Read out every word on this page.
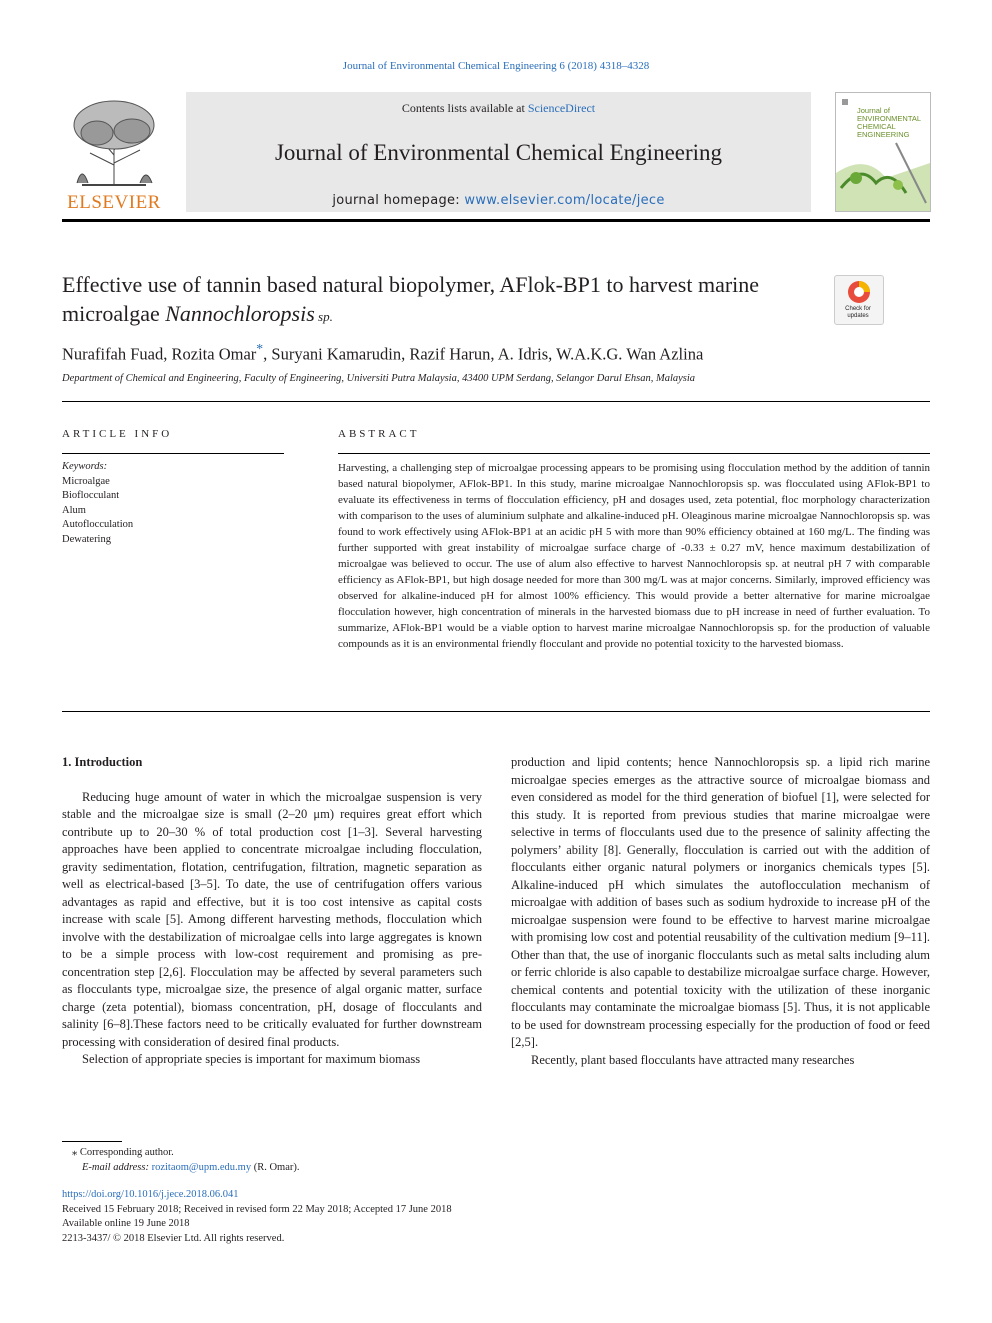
Journal of Environmental Chemical Engineering 6 (2018) 4318–4328
ELSEVIER
Contents lists available at ScienceDirect
Journal of Environmental Chemical Engineering
journal homepage: www.elsevier.com/locate/jece
Journal of ENVIRONMENTAL CHEMICAL ENGINEERING
Effective use of tannin based natural biopolymer, AFlok-BP1 to harvest marine microalgae Nannochloropsis sp.	Check for updates
Nurafifah Fuad, Rozita Omar*, Suryani Kamarudin, Razif Harun, A. Idris, W.A.K.G. Wan Azlina
Department of Chemical and Engineering, Faculty of Engineering, Universiti Putra Malaysia, 43400 UPM Serdang, Selangor Darul Ehsan, Malaysia
ARTICLE INFO	ABSTRACT
Keywords:
Microalgae
Bioflocculant
Alum
Autoflocculation
Dewatering
Harvesting, a challenging step of microalgae processing appears to be promising using flocculation method by the addition of tannin based natural biopolymer, AFlok-BP1. In this study, marine microalgae Nannochloropsis sp. was flocculated using AFlok-BP1 to evaluate its effectiveness in terms of flocculation efficiency, pH and dosages used, zeta potential, floc morphology characterization with comparison to the uses of aluminium sulphate and alkaline-induced pH. Oleaginous marine microalgae Nannochloropsis sp. was found to work effectively using AFlok-BP1 at an acidic pH 5 with more than 90% efficiency obtained at 160 mg/L. The finding was further supported with great instability of microalgae surface charge of -0.33 ± 0.27 mV, hence maximum destabilization of microalgae was believed to occur. The use of alum also effective to harvest Nannochloropsis sp. at neutral pH 7 with comparable efficiency as AFlok-BP1, but high dosage needed for more than 300 mg/L was at major concerns. Similarly, improved efficiency was observed for alkaline-induced pH for almost 100% efficiency. This would provide a better alternative for marine microalgae flocculation however, high concentration of minerals in the harvested biomass due to pH increase in need of further evaluation. To summarize, AFlok-BP1 would be a viable option to harvest marine microalgae Nannochloropsis sp. for the production of valuable compounds as it is an environmental friendly flocculant and provide no potential toxicity to the harvested biomass.

1. Introduction

Reducing huge amount of water in which the microalgae suspension is very stable and the microalgae size is small (2–20 μm) requires great effort which contribute up to 20–30 % of total production cost [1–3]. Several harvesting approaches have been applied to concentrate microalgae including flocculation, gravity sedimentation, flotation, centrifugation, filtration, magnetic separation as well as electrical-based [3–5]. To date, the use of centrifugation offers various advantages as rapid and effective, but it is too cost intensive as capital costs increase with scale [5]. Among different harvesting methods, flocculation which involve with the destabilization of microalgae cells into large aggregates is known to be a simple process with low-cost requirement and promising as pre-concentration step [2,6]. Flocculation may be affected by several parameters such as flocculants type, microalgae size, the presence of algal organic matter, surface charge (zeta potential), biomass concentration, pH, dosage of flocculants and salinity [6–8].These factors need to be critically evaluated for further downstream processing with consideration of desired final products.

Selection of appropriate species is important for maximum biomass

production and lipid contents; hence Nannochloropsis sp. a lipid rich marine microalgae species emerges as the attractive source of microalgae biomass and even considered as model for the third generation of biofuel [1], were selected for this study. It is reported from previous studies that marine microalgae were selective in terms of flocculants used due to the presence of salinity affecting the polymers’ ability [8]. Generally, flocculation is carried out with the addition of flocculants either organic natural polymers or inorganics chemicals types [5]. Alkaline-induced pH which simulates the autoflocculation mechanism of microalgae with addition of bases such as sodium hydroxide to increase pH of the microalgae suspension were found to be effective to harvest marine microalgae with promising low cost and potential reusability of the cultivation medium [9–11]. Other than that, the use of inorganic flocculants such as metal salts including alum or ferric chloride is also capable to destabilize microalgae surface charge. However, chemical contents and potential toxicity with the utilization of these inorganic flocculants may contaminate the microalgae biomass [5]. Thus, it is not applicable to be used for downstream processing especially for the production of food or feed [2,5].

Recently, plant based flocculants have attracted many researches

⁎ Corresponding author.
E-mail address: rozitaom@upm.edu.my (R. Omar).
https://doi.org/10.1016/j.jece.2018.06.041
Received 15 February 2018; Received in revised form 22 May 2018; Accepted 17 June 2018
Available online 19 June 2018
2213-3437/ © 2018 Elsevier Ltd. All rights reserved.
